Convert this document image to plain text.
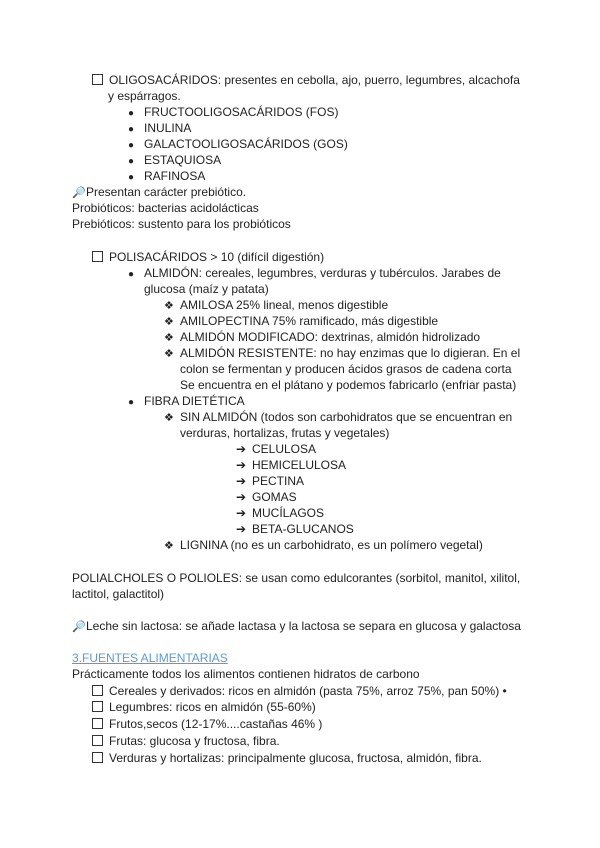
OLIGOSACÁRIDOS: presentes en cebolla, ajo, puerro, legumbres, alcachofa
y espárragos.
● FRUCTOOLIGOSACÁRIDOS (FOS)
● INULINA
● GALACTOOLIGOSACÁRIDOS (GOS)
● ESTAQUIOSA
● RAFINOSA
🔎Presentan carácter prebiótico.
Probióticos: bacterias acidolácticas
Prebióticos: sustento para los probióticos
POLISACÁRIDOS > 10 (difícil digestión)
● ALMIDÓN: cereales, legumbres, verduras y tubérculos. Jarabes de
glucosa (maíz y patata)
❖ AMILOSA 25% lineal, menos digestible
❖ AMILOPECTINA 75% ramificado, más digestible
❖ ALMIDÓN MODIFICADO: dextrinas, almidón hidrolizado
❖ ALMIDÓN RESISTENTE: no hay enzimas que lo digieran. En el
colon se fermentan y producen ácidos grasos de cadena corta
Se encuentra en el plátano y podemos fabricarlo (enfriar pasta)
● FIBRA DIETÉTICA
❖ SIN ALMIDÓN (todos son carbohidratos que se encuentran en
verduras, hortalizas, frutas y vegetales)
➔ CELULOSA
➔ HEMICELULOSA
➔ PECTINA
➔ GOMAS
➔ MUCÍLAGOS
➔ BETA-GLUCANOS
❖ LIGNINA (no es un carbohidrato, es un polímero vegetal)
POLIALCHOLES O POLIOLES: se usan como edulcorantes (sorbitol, manitol, xilitol,
lactitol, galactitol)
🔎Leche sin lactosa: se añade lactasa y la lactosa se separa en glucosa y galactosa
3.FUENTES ALIMENTARIAS
Prácticamente todos los alimentos contienen hidratos de carbono
Cereales y derivados: ricos en almidón (pasta 75%, arroz 75%, pan 50%) •
Legumbres: ricos en almidón (55-60%)
Frutos,secos (12-17%....castañas 46% )
Frutas: glucosa y fructosa, fibra.
Verduras y hortalizas: principalmente glucosa, fructosa, almidón, fibra.
